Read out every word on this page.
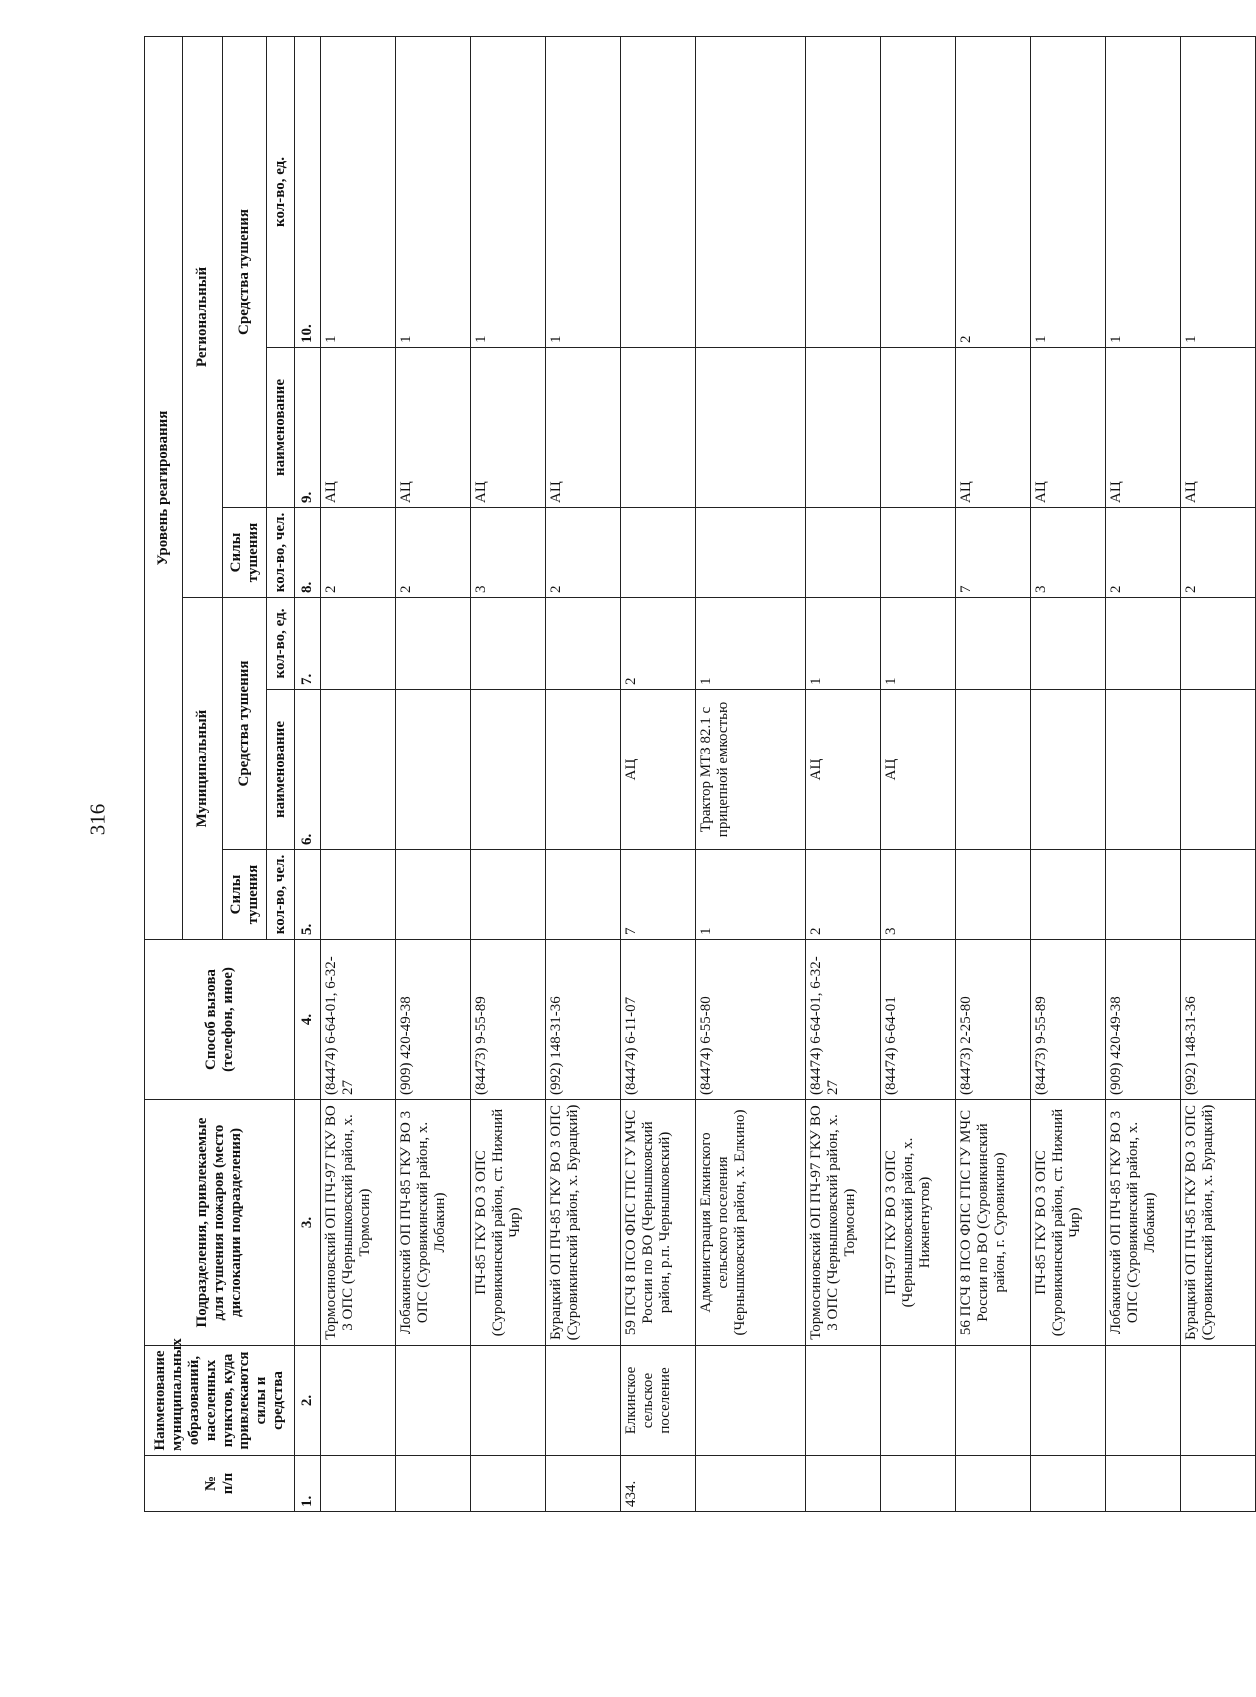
316
№
п/п	Наименование муниципальных образований, населенных пунктов, куда привлекаются силы и средства	Подразделения, привлекаемые для тушения пожаров (место дислокации подразделения)	Способ вызова (телефон, иное)	Уровень реагирования					
				Муниципальный			Региональный		
				Силы тушения	Средства тушения		Силы тушения	Средства тушения	
				кол-во, чел.	наименование	кол-во, ед.	кол-во, чел.	наименование	кол-во, ед.
1.	2.	3.	4.	5.	6.	7.	8.	9.	10.
		Тормосиновский ОП ПЧ-97 ГКУ ВО 3 ОПС (Чернышковский район, х. Тормосин)	(84474) 6-64-01, 6-32-27				2	АЦ	1
		Лобакинский ОП ПЧ-85 ГКУ ВО 3 ОПС (Суровикинский район, х. Лобакин)	(909) 420-49-38				2	АЦ	1
		ПЧ-85 ГКУ ВО 3 ОПС (Суровикинский район, ст. Нижний Чир)	(84473) 9-55-89				3	АЦ	1
		Бурацкий ОП ПЧ-85 ГКУ ВО 3 ОПС (Суровикинский район, х. Бурацкий)	(992) 148-31-36				2	АЦ	1
434.	Елкинское сельское поселение	59 ПСЧ 8 ПСО ФПС ГПС ГУ МЧС России по ВО (Чернышковский район, р.п. Чернышковский)	(84474) 6-11-07	7	АЦ	2			
		Администрация Елкинского сельского поселения (Чернышковский район, х. Елкино)	(84474) 6-55-80	1	Трактор МТЗ 82.1 с прицепной емкостью	1			
		Тормосиновский ОП ПЧ-97 ГКУ ВО 3 ОПС (Чернышковский район, х. Тормосин)	(84474) 6-64-01, 6-32-27	2	АЦ	1			
		ПЧ-97 ГКУ ВО 3 ОПС (Чернышковский район, х. Нижнегнутов)	(84474) 6-64-01	3	АЦ	1			
		56 ПСЧ 8 ПСО ФПС ГПС ГУ МЧС России по ВО (Суровикинский район, г. Суровикино)	(84473) 2-25-80				7	АЦ	2
		ПЧ-85 ГКУ ВО 3 ОПС (Суровикинский район, ст. Нижний Чир)	(84473) 9-55-89				3	АЦ	1
		Лобакинский ОП ПЧ-85 ГКУ ВО 3 ОПС (Суровикинский район, х. Лобакин)	(909) 420-49-38				2	АЦ	1
		Бурацкий ОП ПЧ-85 ГКУ ВО 3 ОПС (Суровикинский район, х. Бурацкий)	(992) 148-31-36				2	АЦ	1
